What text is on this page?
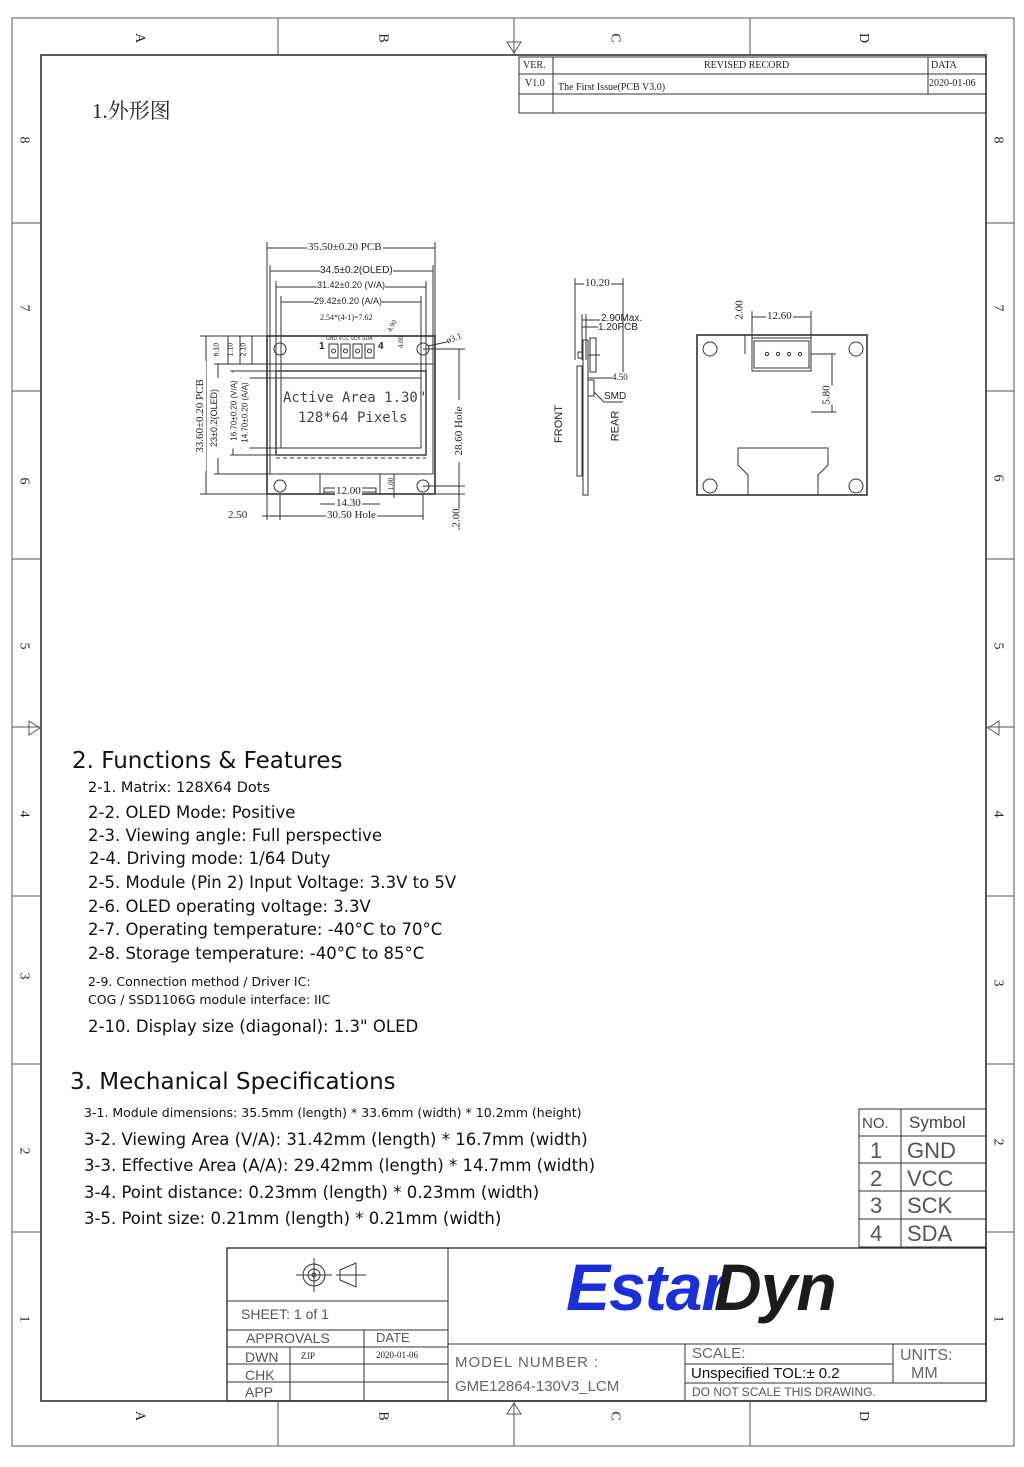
A	B	C	D
A	B	C	D
8
7
6
5
4
3
2
1
8
7
6
5
4
3
2
1
VER.	REVISED RECORD	DATA
V1.0 The First Issue(PCB V3.0)	2020-01-06
1.外形图
35.50±0.20 PCB
34.5±0.2(OLED)
31.42±0.20 (V/A)
29.42±0.20 (A/A)
2.54*(4-1)=7.62
GND VCC SCK SDA
1	4
ø3.1
4.00
4.90
6.10 1.10 2.10
33.60±0.20 PCB 23±0.2(OLED) 16.70±0.20 (V/A) 14.70±0.20 (A/A)	28.60 Hole
Active Area 1.30"
128*64 Pixels
12.00
14.30
1.00
2.50	30.50 Hole	2.00
10.20
2.90Max.
1.20PCB
4.50
SMD
FRONT	REAR
2.00 12.60
5.80
2. Functions & Features
2-1. Matrix: 128X64 Dots
2-2. OLED Mode: Positive
2-3. Viewing angle: Full perspective
2-4. Driving mode: 1/64 Duty
2-5. Module (Pin 2) Input Voltage: 3.3V to 5V
2-6. OLED operating voltage: 3.3V
2-7. Operating temperature: -40°C to 70°C
2-8. Storage temperature: -40°C to 85°C
2-9. Connection method / Driver IC:
COG / SSD1106G module interface: IIC
2-10. Display size (diagonal): 1.3" OLED
3. Mechanical Specifications
3-1. Module dimensions: 35.5mm (length) * 33.6mm (width) * 10.2mm (height)
3-2. Viewing Area (V/A): 31.42mm (length) * 16.7mm (width)
3-3. Effective Area (A/A): 29.42mm (length) * 14.7mm (width)
3-4. Point distance: 0.23mm (length) * 0.23mm (width)
3-5. Point size: 0.21mm (length) * 0.21mm (width)
NO. Symbol
1 GND
2 VCC
3 SCK
4 SDA
SHEET: 1 of 1
APPROVALS	DATE
DWN	ZJP	2020-01-06
CHK
APP
Estar
Dyn
MODEL NUMBER :
GME12864-130V3_LCM
SCALE:
Unspecified TOL:± 0.2
UNITS:
MM
DO NOT SCALE THIS DRAWING.
